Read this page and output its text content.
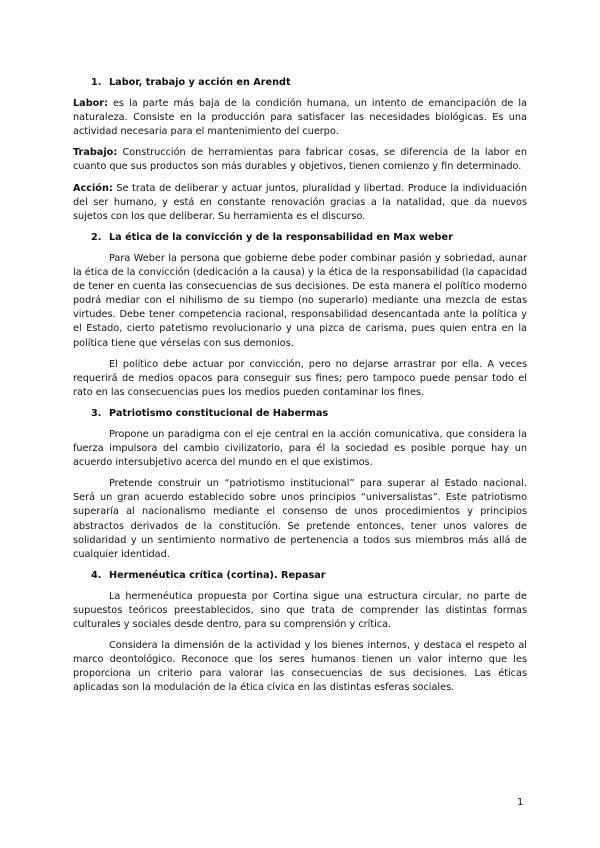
1. Labor, trabajo y acción en Arendt

Labor: es la parte más baja de la condición humana, un intento de emancipación de la naturaleza. Consiste en la producción para satisfacer las necesidades biológicas. Es una actividad necesaria para el mantenimiento del cuerpo.

Trabajo: Construcción de herramientas para fabricar cosas, se diferencia de la labor en cuanto que sus productos son más durables y objetivos, tienen comienzo y fin determinado.

Acción: Se trata de deliberar y actuar juntos, pluralidad y libertad. Produce la individuación del ser humano, y está en constante renovación gracias a la natalidad, que da nuevos sujetos con los que deliberar. Su herramienta es el discurso.

2. La ética de la convicción y de la responsabilidad en Max weber

Para Weber la persona que gobierne debe poder combinar pasión y sobriedad, aunar la ética de la convicción (dedicación a la causa) y la ética de la responsabilidad (la capacidad de tener en cuenta las consecuencias de sus decisiones. De esta manera el político moderno podrá mediar con el nihilismo de su tiempo (no superarlo) mediante una mezcla de estas virtudes. Debe tener competencia racional, responsabilidad desencantada ante la política y el Estado, cierto patetismo revolucionario y una pizca de carisma, pues quien entra en la política tiene que vérselas con sus demonios.

El político debe actuar por convicción, pero no dejarse arrastrar por ella. A veces requerirá de medios opacos para conseguir sus fines; pero tampoco puede pensar todo el rato en las consecuencias pues los medios pueden contaminar los fines.

3. Patriotismo constitucional de Habermas

Propone un paradigma con el eje central en la acción comunicativa, que considera la fuerza impulsora del cambio civilizatorio, para él la sociedad es posible porque hay un acuerdo intersubjetivo acerca del mundo en el que existimos.

Pretende construir un “patriotismo institucional” para superar al Estado nacional. Será un gran acuerdo establecido sobre unos principios “universalistas”. Este patriotismo superaría al nacionalismo mediante el consenso de unos procedimientos y principios abstractos derivados de la constitución. Se pretende entonces, tener unos valores de solidaridad y un sentimiento normativo de pertenencia a todos sus miembros más allá de cualquier identidad.

4. Hermenéutica crítica (cortina). Repasar

La hermenéutica propuesta por Cortina sigue una estructura circular, no parte de supuestos teóricos preestablecidos, sino que trata de comprender las distintas formas culturales y sociales desde dentro, para su comprensión y crítica.

Considera la dimensión de la actividad y los bienes internos, y destaca el respeto al marco deontológico. Reconoce que los seres humanos tienen un valor interno que les proporciona un criterio para valorar las consecuencias de sus decisiones. Las éticas aplicadas son la modulación de la ética cívica en las distintas esferas sociales.

1
